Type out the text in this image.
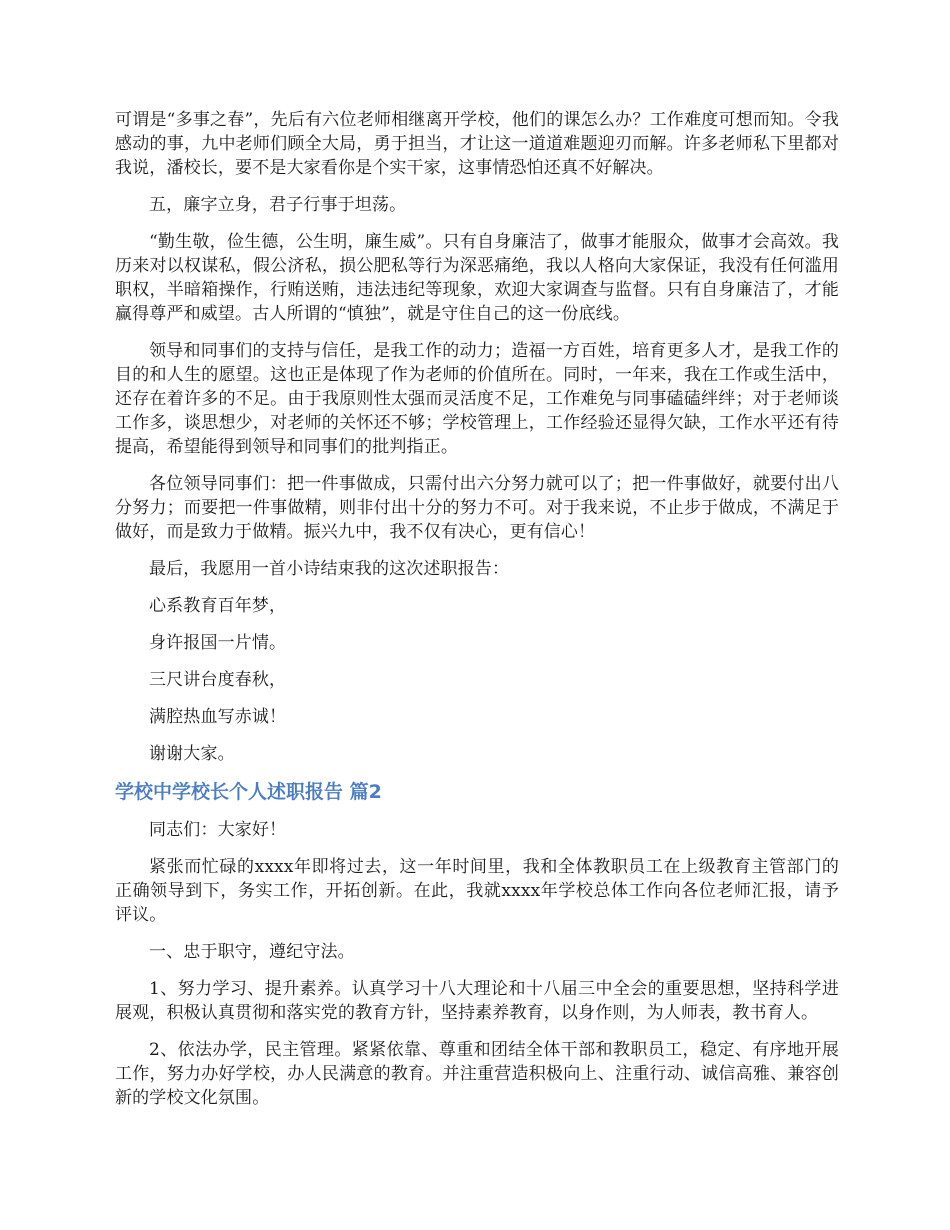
可谓是“多事之春”，先后有六位老师相继离开学校，他们的课怎么办？工作难度可想而知。令我感动的事，九中老师们顾全大局，勇于担当，才让这一道道难题迎刃而解。许多老师私下里都对我说，潘校长，要不是大家看你是个实干家，这事情恐怕还真不好解决。

五，廉字立身，君子行事于坦荡。

“勤生敬，俭生德，公生明，廉生威”。只有自身廉洁了，做事才能服众，做事才会高效。我历来对以权谋私，假公济私，损公肥私等行为深恶痛绝，我以人格向大家保证，我没有任何滥用职权，半暗箱操作，行贿送贿，违法违纪等现象，欢迎大家调查与监督。只有自身廉洁了，才能赢得尊严和威望。古人所谓的“慎独”，就是守住自己的这一份底线。

领导和同事们的支持与信任，是我工作的动力；造福一方百姓，培育更多人才，是我工作的目的和人生的愿望。这也正是体现了作为老师的价值所在。同时，一年来，我在工作或生活中，还存在着许多的不足。由于我原则性太强而灵活度不足，工作难免与同事磕磕绊绊；对于老师谈工作多，谈思想少，对老师的关怀还不够；学校管理上，工作经验还显得欠缺，工作水平还有待提高，希望能得到领导和同事们的批判指正。

各位领导同事们：把一件事做成，只需付出六分努力就可以了；把一件事做好，就要付出八分努力；而要把一件事做精，则非付出十分的努力不可。对于我来说，不止步于做成，不满足于做好，而是致力于做精。振兴九中，我不仅有决心，更有信心！

最后，我愿用一首小诗结束我的这次述职报告：

心系教育百年梦，

身许报国一片情。

三尺讲台度春秋，

满腔热血写赤诚！

谢谢大家。

学校中学校长个人述职报告 篇2

同志们：大家好！

紧张而忙碌的xxxx年即将过去，这一年时间里，我和全体教职员工在上级教育主管部门的正确领导到下，务实工作，开拓创新。在此，我就xxxx年学校总体工作向各位老师汇报，请予评议。

一、忠于职守，遵纪守法。

1、努力学习、提升素养。认真学习十八大理论和十八届三中全会的重要思想，坚持科学进展观，积极认真贯彻和落实党的教育方针，坚持素养教育，以身作则，为人师表，教书育人。

2、依法办学，民主管理。紧紧依靠、尊重和团结全体干部和教职员工，稳定、有序地开展工作，努力办好学校，办人民满意的教育。并注重营造积极向上、注重行动、诚信高雅、兼容创新的学校文化氛围。
